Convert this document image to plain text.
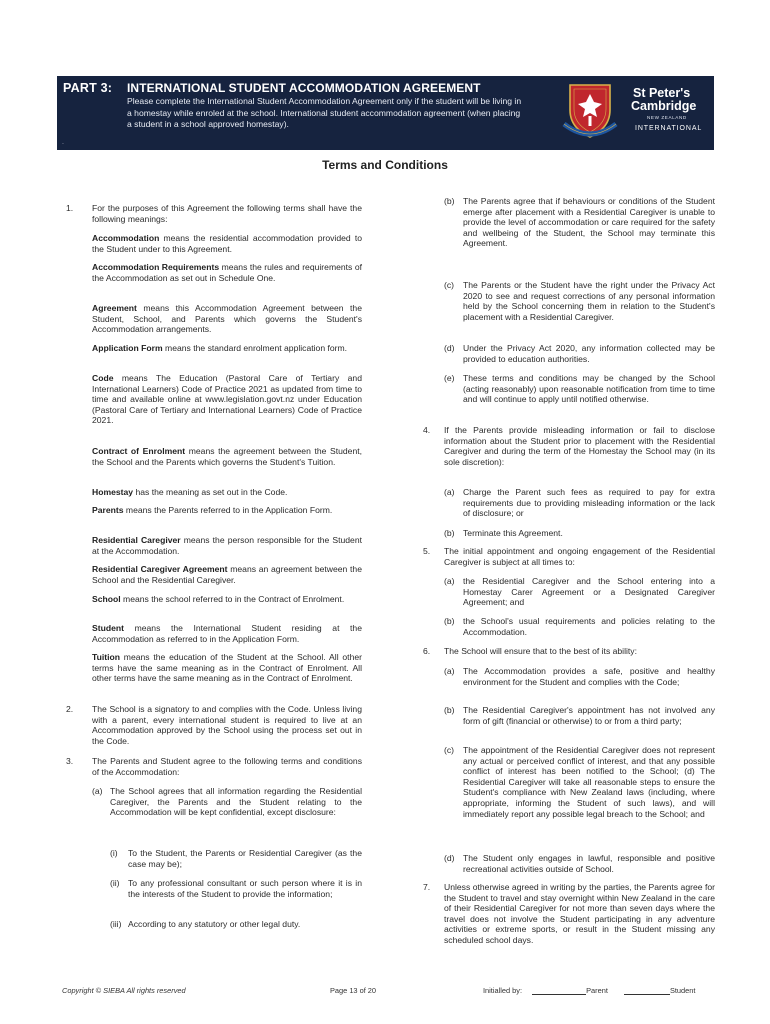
PART 3: INTERNATIONAL STUDENT ACCOMMODATION AGREEMENT
Please complete the International Student Accommodation Agreement only if the student will be living in a homestay while enroled at the school. International student accommodation agreement (when placing a student in a school approved homestay).
.
St Peter's
Cambridge
NEW ZEALAND
INTERNATIONAL
Terms and Conditions
1. For the purposes of this Agreement the following terms shall have the following meanings:
Accommodation means the residential accommodation provided to the Student under to this Agreement.
Accommodation Requirements means the rules and requirements of the Accommodation as set out in Schedule One.
Agreement means this Accommodation Agreement between the Student, School, and Parents which governs the Student's Accommodation arrangements.
Application Form means the standard enrolment application form.
Code means The Education (Pastoral Care of Tertiary and International Learners) Code of Practice 2021 as updated from time to time and available online at www.legislation.govt.nz under Education (Pastoral Care of Tertiary and International Learners) Code of Practice 2021.
Contract of Enrolment means the agreement between the Student, the School and the Parents which governs the Student's Tuition.
Homestay has the meaning as set out in the Code.
Parents means the Parents referred to in the Application Form.
Residential Caregiver means the person responsible for the Student at the Accommodation.
Residential Caregiver Agreement means an agreement between the School and the Residential Caregiver.
School means the school referred to in the Contract of Enrolment.
Student means the International Student residing at the Accommodation as referred to in the Application Form.
Tuition means the education of the Student at the School. All other terms have the same meaning as in the Contract of Enrolment. All other terms have the same meaning as in the Contract of Enrolment.
2. The School is a signatory to and complies with the Code. Unless living with a parent, every international student is required to live at an Accommodation approved by the School using the process set out in the Code.
3. The Parents and Student agree to the following terms and conditions of the Accommodation:
(a) The School agrees that all information regarding the Residential Caregiver, the Parents and the Student relating to the Accommodation will be kept confidential, except disclosure:
(i) To the Student, the Parents or Residential Caregiver (as the case may be);
(ii) To any professional consultant or such person where it is in the interests of the Student to provide the information;
(iii) According to any statutory or other legal duty.
(b) The Parents agree that if behaviours or conditions of the Student emerge after placement with a Residential Caregiver is unable to provide the level of accommodation or care required for the safety and wellbeing of the Student, the School may terminate this Agreement.
(c) The Parents or the Student have the right under the Privacy Act 2020 to see and request corrections of any personal information held by the School concerning them in relation to the Student's placement with a Residential Caregiver.
(d) Under the Privacy Act 2020, any information collected may be provided to education authorities.
(e) These terms and conditions may be changed by the School (acting reasonably) upon reasonable notification from time to time and will continue to apply until notified otherwise.
4. If the Parents provide misleading information or fail to disclose information about the Student prior to placement with the Residential Caregiver and during the term of the Homestay the School may (in its sole discretion):
(a) Charge the Parent such fees as required to pay for extra requirements due to providing misleading information or the lack of disclosure; or
(b) Terminate this Agreement.
5. The initial appointment and ongoing engagement of the Residential Caregiver is subject at all times to:
(a) the Residential Caregiver and the School entering into a Homestay Carer Agreement or a Designated Caregiver Agreement; and
(b) the School's usual requirements and policies relating to the Accommodation.
6. The School will ensure that to the best of its ability:
(a) The Accommodation provides a safe, positive and healthy environment for the Student and complies with the Code;
(b) The Residential Caregiver's appointment has not involved any form of gift (financial or otherwise) to or from a third party;
(c) The appointment of the Residential Caregiver does not represent any actual or perceived conflict of interest, and that any possible conflict of interest has been notified to the School; (d) The Residential Caregiver will take all reasonable steps to ensure the Student's compliance with New Zealand laws (including, where appropriate, informing the Student of such laws), and will immediately report any possible legal breach to the School; and
(d) The Student only engages in lawful, responsible and positive recreational activities outside of School.
7. Unless otherwise agreed in writing by the parties, the Parents agree for the Student to travel and stay overnight within New Zealand in the care of their Residential Caregiver for not more than seven days where the travel does not involve the Student participating in any adventure activities or extreme sports, or result in the Student missing any scheduled school days.
Copyright © SIEBA All rights reserved	Page 13 of 20	Initialled by:	Parent	Student
